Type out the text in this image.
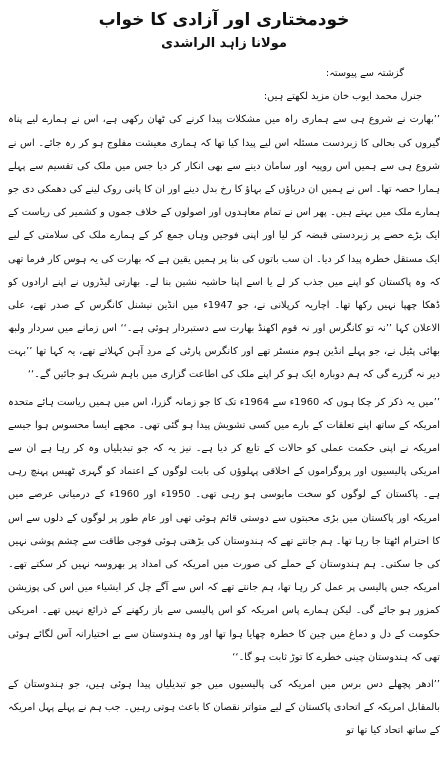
خودمختاری اور آزادی کا خواب
مولانا زاہد الراشدی

گزشتہ سے پیوستہ:

جنرل محمد ایوب خان مزید لکھتے ہیں:

’’بھارت نے شروع ہی سے ہماری راہ میں مشکلات پیدا کرنے کی ٹھان رکھی ہے، اس نے ہمارے لیے پناہ گیروں کی بحالی کا زبردست مسئلہ اس لیے پیدا کیا تھا کہ ہماری معیشت مفلوج ہو کر رہ جائے۔ اس نے شروع ہی سے ہمیں اس روپیہ اور سامان دینے سے بھی انکار کر دیا جس میں ملک کی تقسیم سے پہلے ہمارا حصہ تھا۔ اس نے ہمیں ان دریاؤں کے بہاؤ کا رخ بدل دینے اور ان کا پانی روک لینے کی دھمکی دی جو ہمارے ملک میں بہتے ہیں۔ پھر اس نے تمام معاہدوں اور اصولوں کے خلاف جموں و کشمیر کی ریاست کے ایک بڑے حصے پر زبردستی قبضہ کر لیا اور اپنی فوجیں وہاں جمع کر کے ہمارے ملک کی سلامتی کے لیے ایک مستقل خطرہ پیدا کر دیا۔ ان سب باتوں کی بنا پر ہمیں یقین ہے کہ بھارت کی یہ ہوس کار فرما تھی کہ وہ پاکستان کو اپنے میں جذب کر لے یا اسے اپنا حاشیہ نشین بنا لے۔ بھارتی لیڈروں نے اپنے ارادوں کو ڈھکا چھپا نہیں رکھا تھا۔ اچاریہ کرپلانی نے، جو 1947ء میں انڈین نیشنل کانگرس کے صدر تھے، علی الاعلان کہا ’’نہ تو کانگرس اور نہ قوم اکھنڈ بھارت سے دستبردار ہوئی ہے۔‘‘ اس زمانے میں سردار ولبھ بھائی پٹیل نے، جو پہلے انڈین ہوم منسٹر تھے اور کانگرس پارٹی کے مردِ آہن کہلاتے تھے، یہ کہا تھا ’’بہت دیر نہ گزرے گی کہ ہم دوبارہ ایک ہو کر اپنے ملک کی اطاعت گزاری میں باہم شریک ہو جائیں گے۔‘‘

’’میں یہ ذکر کر چکا ہوں کہ 1960ء سے 1964ء تک کا جو زمانہ گزرا، اس میں ہمیں ریاست ہائے متحدہ امریکہ کے ساتھ اپنے تعلقات کے بارے میں کسی تشویش پیدا ہو گئی تھی۔ مجھے ایسا محسوس ہوا جیسے امریکہ نے اپنی حکمت عملی کو حالات کے تابع کر دیا ہے۔ نیز یہ کہ جو تبدیلیاں وہ کر رہا ہے ان سے امریکی پالیسیوں اور پروگراموں کے اخلاقی پہلوؤں کی بابت لوگوں کے اعتماد کو گہری ٹھیس پہنچ رہی ہے۔ پاکستان کے لوگوں کو سخت مایوسی ہو رہی تھی۔ 1950ء اور 1960ء کے درمیانی عرصے میں امریکہ اور پاکستان میں بڑی محبتوں سے دوستی قائم ہوئی تھی اور عام طور پر لوگوں کے دلوں سے اس کا احترام اٹھتا جا رہا تھا۔ ہم جانتے تھے کہ ہندوستان کی بڑھتی ہوئی فوجی طاقت سے چشم پوشی نہیں کی جا سکتی۔ ہم ہندوستان کے حملے کی صورت میں امریکہ کی امداد پر بھروسہ نہیں کر سکتے تھے۔ امریکہ جس پالیسی پر عمل کر رہا تھا، ہم جانتے تھے کہ اس سے آگے چل کر ایشیاء میں اس کی پوزیشن کمزور ہو جائے گی۔ لیکن ہمارے پاس امریکہ کو اس پالیسی سے باز رکھنے کے ذرائع نہیں تھے۔ امریکی حکومت کے دل و دماغ میں چین کا خطرہ چھایا ہوا تھا اور وہ ہندوستان سے بے اختیارانہ آس لگائے ہوئی تھی کہ ہندوستان چینی خطرے کا توڑ ثابت ہو گا۔‘‘

’’ادھر پچھلے دس برس میں امریکہ کی پالیسیوں میں جو تبدیلیاں پیدا ہوئی ہیں، جو ہندوستان کے بالمقابل امریکہ کے اتحادی پاکستان کے لیے متواتر نقصان کا باعث ہوتی رہیں۔ جب ہم نے پہلے پہل امریکہ کے ساتھ اتحاد کیا تھا تو
